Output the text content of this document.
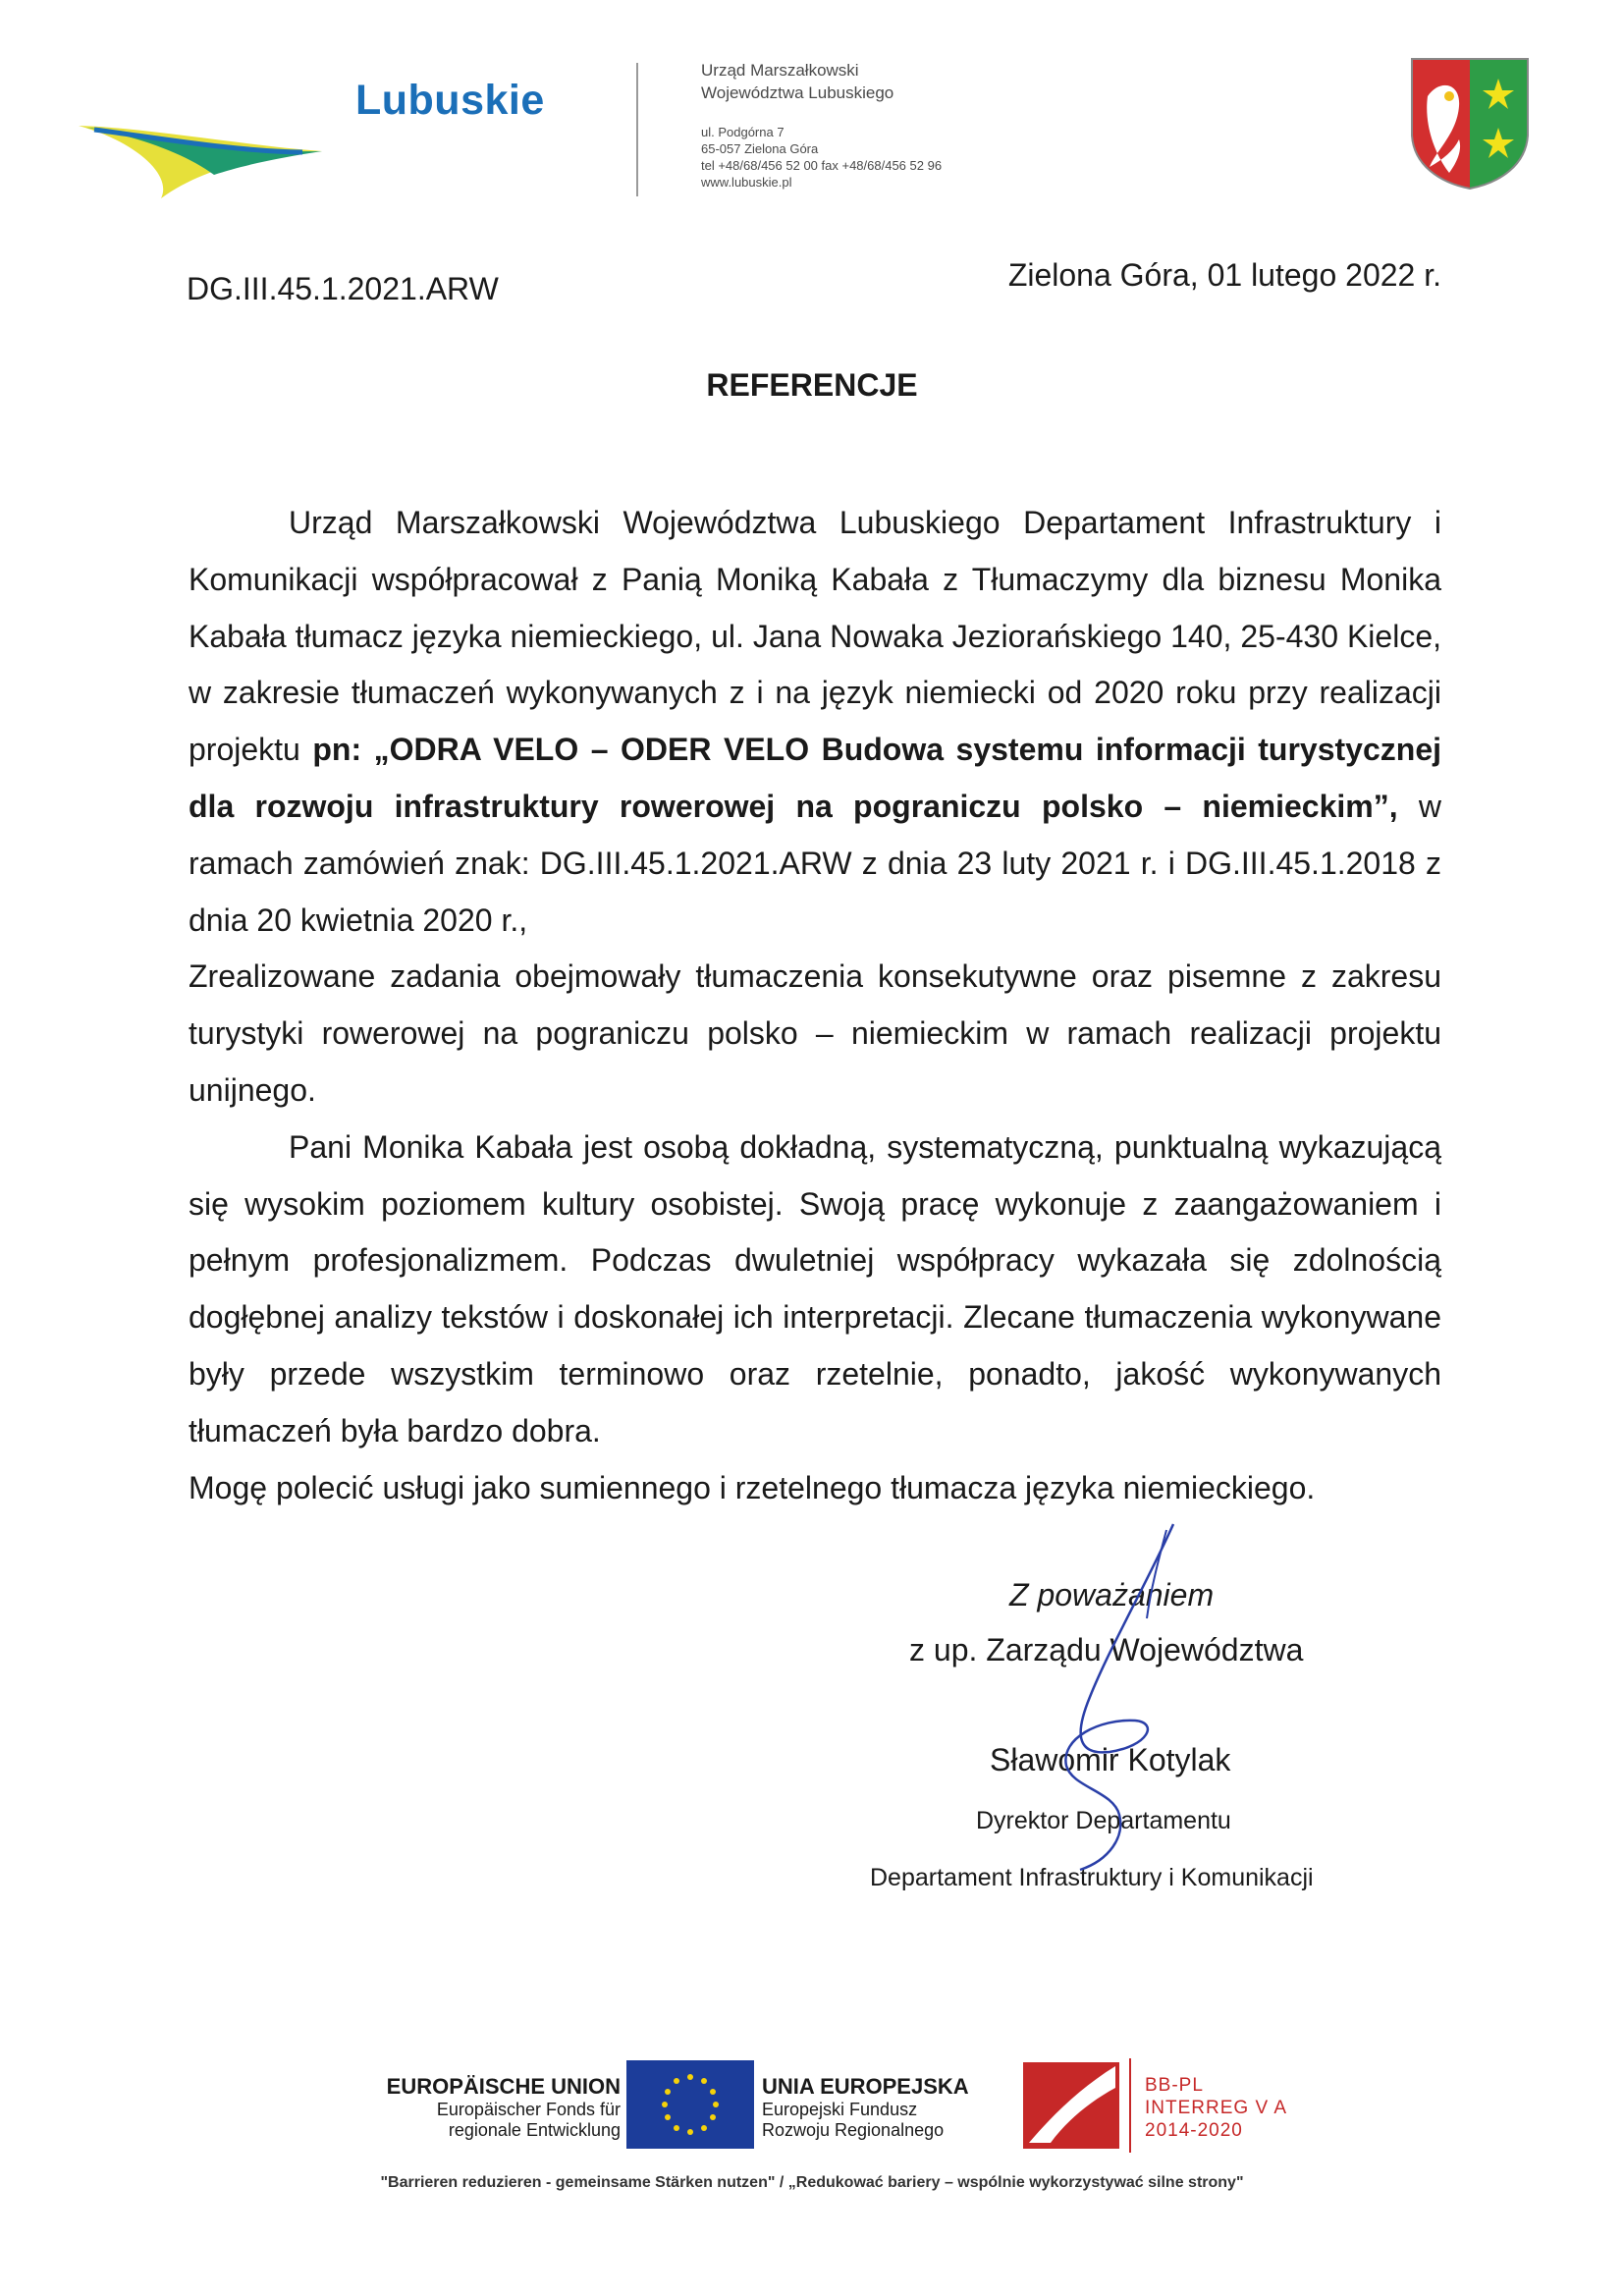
Lubuskie
Urząd Marszałkowski
Województwa Lubuskiego
ul. Podgórna 7
65-057 Zielona Góra
tel +48/68/456 52 00 fax +48/68/456 52 96
www.lubuskie.pl
DG.III.45.1.2021.ARW	Zielona Góra, 01 lutego 2022 r.
REFERENCJE

Urząd Marszałkowski Województwa Lubuskiego Departament Infrastruktury i Komunikacji współpracował z Panią Moniką Kabała z Tłumaczymy dla biznesu Monika Kabała tłumacz języka niemieckiego, ul. Jana Nowaka Jeziorańskiego 140, 25-430 Kielce, w zakresie tłumaczeń wykonywanych z i na język niemiecki od 2020 roku przy realizacji projektu pn: „ODRA VELO – ODER VELO Budowa systemu informacji turystycznej dla rozwoju infrastruktury rowerowej na pograniczu polsko – niemieckim”, w ramach zamówień znak: DG.III.45.1.2021.ARW z dnia 23 luty 2021 r. i DG.III.45.1.2018 z dnia 20 kwietnia 2020 r.,

Zrealizowane zadania obejmowały tłumaczenia konsekutywne oraz pisemne z zakresu turystyki rowerowej na pograniczu polsko – niemieckim w ramach realizacji projektu unijnego.

Pani Monika Kabała jest osobą dokładną, systematyczną, punktualną wykazującą się wysokim poziomem kultury osobistej. Swoją pracę wykonuje z zaangażowaniem i pełnym profesjonalizmem. Podczas dwuletniej współpracy wykazała się zdolnością dogłębnej analizy tekstów i doskonałej ich interpretacji. Zlecane tłumaczenia wykonywane były przede wszystkim terminowo oraz rzetelnie, ponadto, jakość wykonywanych tłumaczeń była bardzo dobra.

Mogę polecić usługi jako sumiennego i rzetelnego tłumacza języka niemieckiego.

Z poważaniem
z up. Zarządu Województwa
Sławomir Kotylak
Dyrektor Departamentu
Departament Infrastruktury i Komunikacji
EUROPÄISCHE UNION
Europäischer Fonds für
regionale Entwicklung
UNIA EUROPEJSKA
Europejski Fundusz
Rozwoju Regionalnego
BB-PL
INTERREG V A
2014-2020
"Barrieren reduzieren - gemeinsame Stärken nutzen" / „Redukować bariery – wspólnie wykorzystywać silne strony"
